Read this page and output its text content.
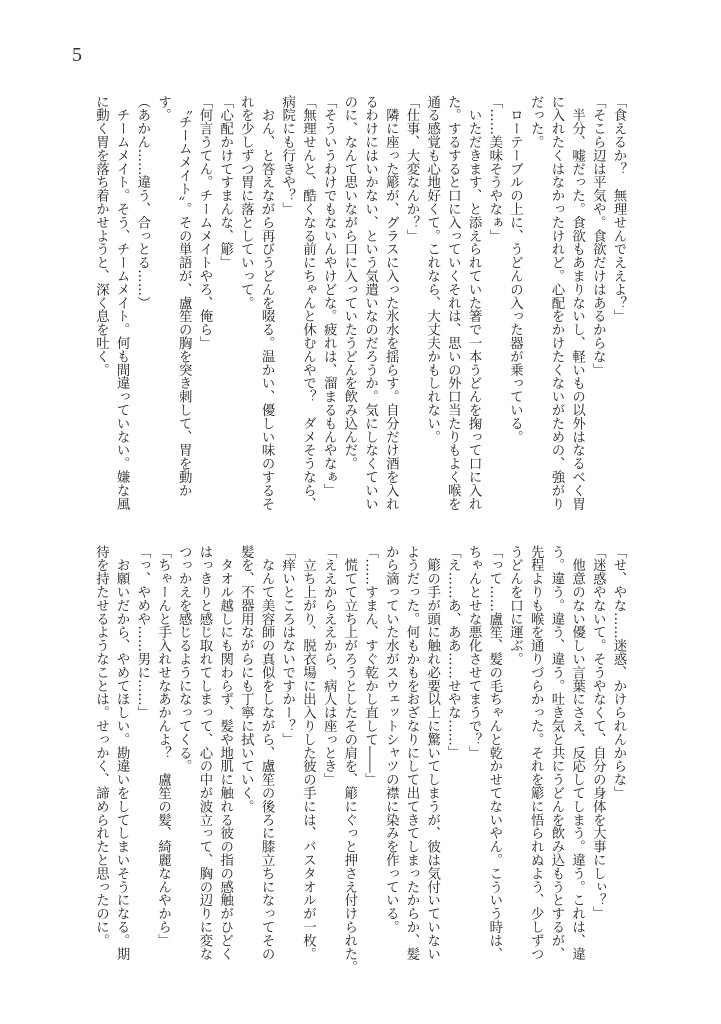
5
「食えるか？　無理せんでええよ？」
「そこら辺は平気や。食欲だけはあるからな」
　半分、嘘だった。食欲もあまりないし、軽いもの以外はなるべく胃
に入れたくはなかったけれど。心配をかけたくないがための、強がり
だった。
　ローテーブルの上に、うどんの入った器が乗っている。
「……美味そうやなぁ」
　いただきます、と添えられていた箸で一本うどんを掬って口に入れ
た。するすると口に入っていくそれは、思いの外口当たりもよく喉を
通る感覚も心地好くて。これなら、大丈夫かもしれない。
「仕事、大変なんか？」
　隣に座った簓が、グラスに入った氷水を揺らす。自分だけ酒を入れ
るわけにはいかない、という気遣いなのだろうか。気にしなくていい
のに、なんて思いながら口に入っていたうどんを飲み込んだ。
「そういうわけでもないんやけどな。疲れは、溜まるもんやなぁ」
「無理せんと、酷くなる前にちゃんと休むんやで？　ダメそうなら、
病院にも行きや？」
　おん、と答えながら再びうどんを啜る。温かい、優しい味のするそ
れを少しずつ胃に落としていって。
「心配かけてすまんな、簓」
「何言うてん。チームメイトやろ、俺ら」
　〝チームメイト〟。その単語が、盧笙の胸を突き刺して、胃を動か
す。
（あかん……違う、合っとる……）
　チームメイト。そう、チームメイト。何も間違っていない。嫌な風
に動く胃を落ち着かせようと、深く息を吐く。
「せ、やな……迷惑、かけられんからな」
「迷惑やないて。そうやなくて、自分の身体を大事にしぃ？」
　他意のない優しい言葉にさえ、反応してしまう。違う。これは、違
う。違う。違う、違う。吐き気と共にうどんを飲み込もうとするが、
先程よりも喉を通りづらかった。それを簓に悟られぬよう、少しずつ
うどんを口に運ぶ。
「って……盧笙、髪の毛ちゃんと乾かせてないやん。こういう時は、
ちゃんとせな悪化させてまうで？」
「え……あ、ああ……せやな……」
　簓の手が頭に触れ必要以上に驚いてしまうが、彼は気付いていない
ようだった。何もかもをおざなりにして出てきてしまったからか、髪
から滴っていた水がスウェットシャツの襟に染みを作っている。
「……すまん、すぐ乾かし直して――」
　慌てて立ち上がろうとしたその肩を、簓にぐっと押さえ付けられた。
「ええからええから、病人は座っとき」
　立ち上がり、脱衣場に出入りした彼の手には、バスタオルが一枚。
「痒いところはないですかー？」
　なんて美容師の真似をしながら、盧笙の後ろに膝立ちになってその
髪を、不器用ながらにも丁寧に拭いていく。
　タオル越しにも関わらず、髪や地肌に触れる彼の指の感触がひどく
はっきりと感じ取れてしまって、心の中が波立って、胸の辺りに変な
つっかえを感じるようになってくる。
「ちゃーんと手入れせなあかんよ？　盧笙の髪、綺麗なんやから」
「っ、やめや……男に……」
　お願いだから、やめてほしい。勘違いをしてしまいそうになる。期
待を持たせるようなことは。せっかく、諦められたと思ったのに。
